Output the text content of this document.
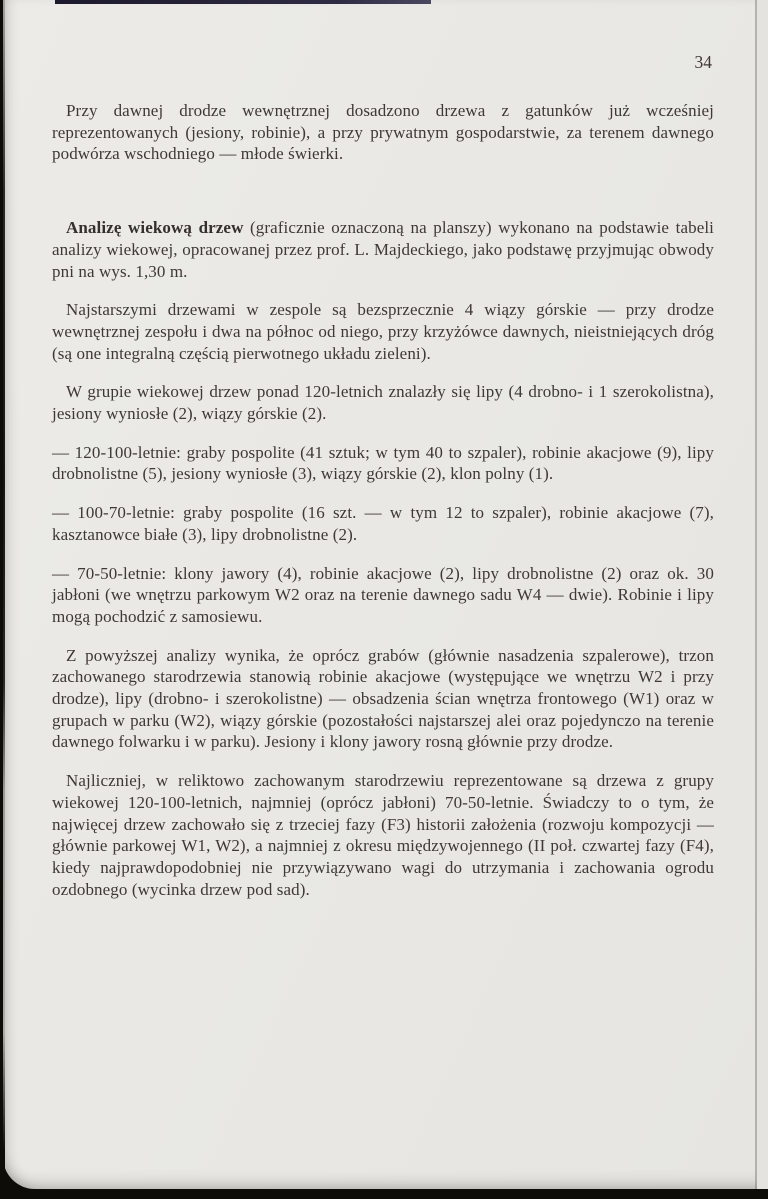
34

Przy dawnej drodze wewnętrznej dosadzono drzewa z gatunków już wcześniej reprezentowanych (jesiony, robinie), a przy prywatnym gospodarstwie, za terenem dawnego podwórza wschodniego — młode świerki.

Analizę wiekową drzew (graficznie oznaczoną na planszy) wykonano na podstawie tabeli analizy wiekowej, opracowanej przez prof. L. Majdeckiego, jako podstawę przyjmując obwody pni na wys. 1,30 m.

Najstarszymi drzewami w zespole są bezsprzecznie 4 wiązy górskie — przy drodze wewnętrznej zespołu i dwa na północ od niego, przy krzyżówce dawnych, nieistniejących dróg (są one integralną częścią pierwotnego układu zieleni).

W grupie wiekowej drzew ponad 120-letnich znalazły się lipy (4 drobno- i 1 szerokolistna), jesiony wyniosłe (2), wiązy górskie (2).

— 120-100-letnie: graby pospolite (41 sztuk; w tym 40 to szpaler), robinie akacjowe (9), lipy drobnolistne (5), jesiony wyniosłe (3), wiązy górskie (2), klon polny (1).

— 100-70-letnie: graby pospolite (16 szt. — w tym 12 to szpaler), robinie akacjowe (7), kasztanowce białe (3), lipy drobnolistne (2).

— 70-50-letnie: klony jawory (4), robinie akacjowe (2), lipy drobnolistne (2) oraz ok. 30 jabłoni (we wnętrzu parkowym W2 oraz na terenie dawnego sadu W4 — dwie). Robinie i lipy mogą pochodzić z samosiewu.

Z powyższej analizy wynika, że oprócz grabów (głównie nasadzenia szpalerowe), trzon zachowanego starodrzewia stanowią robinie akacjowe (występujące we wnętrzu W2 i przy drodze), lipy (drobno- i szerokolistne) — obsadzenia ścian wnętrza frontowego (W1) oraz w grupach w parku (W2), wiązy górskie (pozostałości najstarszej alei oraz pojedynczo na terenie dawnego folwarku i w parku). Jesiony i klony jawory rosną głównie przy drodze.

Najliczniej, w reliktowo zachowanym starodrzewiu reprezentowane są drzewa z grupy wiekowej 120-100-letnich, najmniej (oprócz jabłoni) 70-50-letnie. Świadczy to o tym, że najwięcej drzew zachowało się z trzeciej fazy (F3) historii założenia (rozwoju kompozycji — głównie parkowej W1, W2), a najmniej z okresu międzywojennego (II poł. czwartej fazy (F4), kiedy najprawdopodobniej nie przywiązywano wagi do utrzymania i zachowania ogrodu ozdobnego (wycinka drzew pod sad).
